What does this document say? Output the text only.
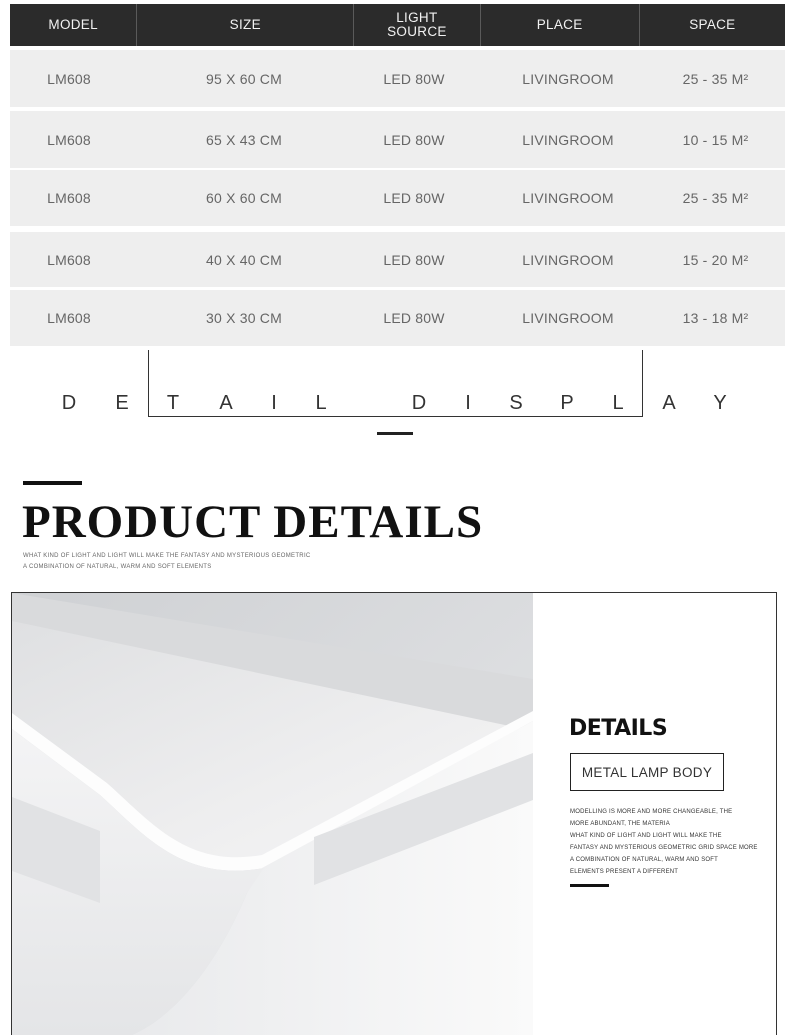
MODEL	SIZE	LIGHT
SOURCE	PLACE	SPACE
LM608	95 X 60 CM	LED 80W	LIVINGROOM	25 - 35 M²
LM608	65 X 43 CM	LED 80W	LIVINGROOM	10 - 15 M²
LM608	60 X 60 CM	LED 80W	LIVINGROOM	25 - 35 M²
LM608	40 X 40 CM	LED 80W	LIVINGROOM	15 - 20 M²
LM608	30 X 30 CM	LED 80W	LIVINGROOM	13 - 18 M²
D E T A	I	L	D	I	S P L A Y
PRODUCT DETAILS
WHAT KIND OF LIGHT AND LIGHT WILL MAKE THE FANTASY AND MYSTERIOUS GEOMETRIC
A COMBINATION OF NATURAL, WARM AND SOFT ELEMENTS
DETAILS
METAL LAMP BODY
MODELLING IS MORE AND MORE CHANGEABLE, THE
MORE ABUNDANT, THE MATERIA
WHAT KIND OF LIGHT AND LIGHT WILL MAKE THE
FANTASY AND MYSTERIOUS GEOMETRIC GRID SPACE MORE
A COMBINATION OF NATURAL, WARM AND SOFT
ELEMENTS PRESENT A DIFFERENT
